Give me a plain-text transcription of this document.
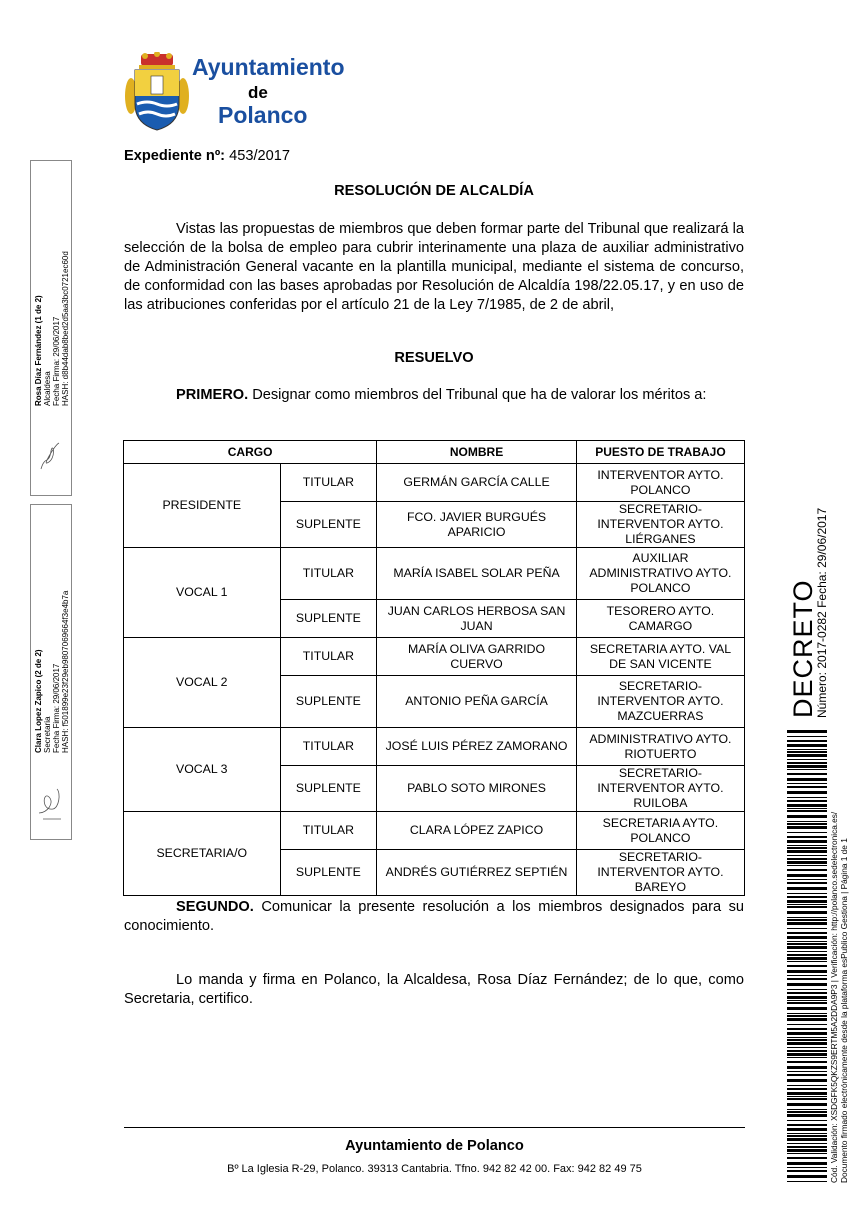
Ayuntamiento
de
Polanco
Expediente nº: 453/2017
RESOLUCIÓN DE ALCALDÍA
Vistas las propuestas de miembros que deben formar parte del Tribunal que realizará la selección de la bolsa de empleo para cubrir interinamente una plaza de auxiliar administrativo de Administración General vacante en la plantilla municipal, mediante el sistema de concurso, de conformidad con las bases aprobadas por Resolución de Alcaldía 198/22.05.17, y en uso de las atribuciones conferidas por el artículo 21 de la Ley 7/1985, de 2 de abril,
RESUELVO
PRIMERO. Designar como miembros del Tribunal que ha de valorar los méritos a:
CARGO		NOMBRE	PUESTO DE TRABAJO
PRESIDENTE	TITULAR	GERMÁN GARCÍA CALLE	INTERVENTOR AYTO. POLANCO
	SUPLENTE	FCO. JAVIER BURGUÉS APARICIO	SECRETARIO-INTERVENTOR AYTO. LIÉRGANES
VOCAL 1	TITULAR	MARÍA ISABEL SOLAR PEÑA	AUXILIAR ADMINISTRATIVO AYTO. POLANCO
	SUPLENTE	JUAN CARLOS HERBOSA SAN JUAN	TESORERO AYTO. CAMARGO
VOCAL 2	TITULAR	MARÍA OLIVA GARRIDO CUERVO	SECRETARIA AYTO. VAL DE SAN VICENTE
	SUPLENTE	ANTONIO PEÑA GARCÍA	SECRETARIO-INTERVENTOR AYTO. MAZCUERRAS
VOCAL 3	TITULAR	JOSÉ LUIS PÉREZ ZAMORANO	ADMINISTRATIVO AYTO. RIOTUERTO
	SUPLENTE	PABLO SOTO MIRONES	SECRETARIO-INTERVENTOR AYTO. RUILOBA
SECRETARIA/O	TITULAR	CLARA LÓPEZ ZAPICO	SECRETARIA AYTO. POLANCO
	SUPLENTE	ANDRÉS GUTIÉRREZ SEPTIÉN	SECRETARIO-INTERVENTOR AYTO. BAREYO
SEGUNDO. Comunicar la presente resolución a los miembros designados para su conocimiento.
Lo manda y firma en Polanco, la Alcaldesa, Rosa Díaz Fernández; de lo que, como Secretaria, certifico.
Ayuntamiento de Polanco
Bº La Iglesia R-29, Polanco. 39313 Cantabria. Tfno. 942 82 42 00. Fax: 942 82 49 75
Rosa Díaz Fernández (1 de 2)
Alcaldesa
Fecha Firma: 29/06/2017
HASH: d8b44dab8bed2d5aa3bc0721ec60d
Clara Lopez Zapico (2 de 2)
Secretaria
Fecha Firma: 29/06/2017
HASH: f501899e23f29eb9807069664f3e4b7a	DECRETO
Número: 2017-0282 Fecha: 29/06/2017
Cód. Validación: XSDGFK5QKZS9ERTM5A2DDA9P3 | Verificación: http://polanco.sedelectronica.es/
Documento firmado electrónicamente desde la plataforma esPublico Gestiona | Página 1 de 1
